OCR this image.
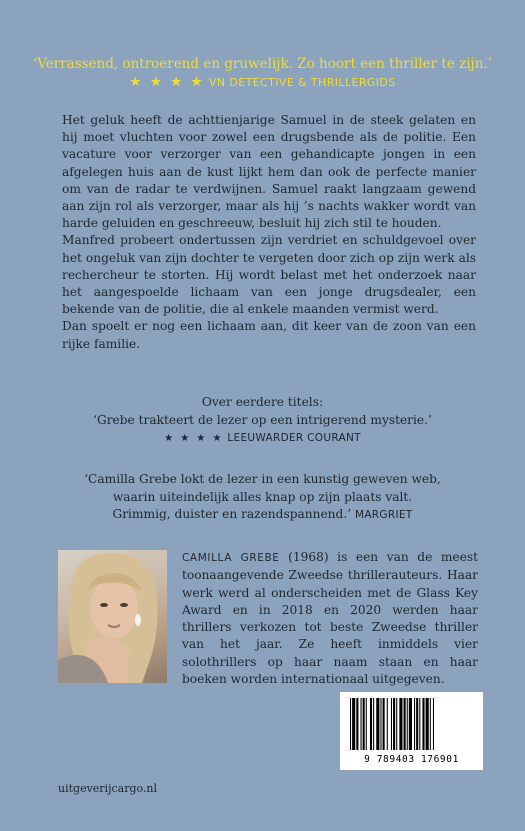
‘Verrassend, ontroerend en gruwelijk. Zo hoort een thriller te zijn.’
★ ★ ★ ★ VN DETECTIVE & THRILLERGIDS

Het geluk heeft de achttienjarige Samuel in de steek gelaten en hij moet vluchten voor zowel een drugsbende als de politie. Een vacature voor verzorger van een gehandicapte jongen in een afgelegen huis aan de kust lijkt hem dan ook de perfecte manier om van de radar te verdwijnen. Samuel raakt langzaam gewend aan zijn rol als verzorger, maar als hij ’s nachts wakker wordt van harde geluiden en geschreeuw, besluit hij zich stil te houden.

Manfred probeert ondertussen zijn verdriet en schuldgevoel over het ongeluk van zijn dochter te vergeten door zich op zijn werk als rechercheur te storten. Hij wordt belast met het onderzoek naar het aangespoelde lichaam van een jonge drugsdealer, een bekende van de politie, die al enkele maanden vermist werd.

Dan spoelt er nog een lichaam aan, dit keer van de zoon van een rijke familie.

Over eerdere titels:
‘Grebe trakteert de lezer op een intrigerend mysterie.’
★ ★ ★ ★ LEEUWARDER COURANT
‘Camilla Grebe lokt de lezer in een kunstig geweven web,
waarin uiteindelijk alles knap op zijn plaats valt.
Grimmig, duister en razendspannend.’ MARGRIET
CAMILLA GREBE (1968) is een van de meest toonaangevende Zweedse thrillerauteurs. Haar werk werd al onderscheiden met de Glass Key Award en in 2018 en 2020 werden haar thrillers verkozen tot beste Zweedse thriller van het jaar. Ze heeft inmiddels vier solothrillers op haar naam staan en haar boeken worden internationaal uitgegeven.
9 789403 176901
uitgeverijcargo.nl
